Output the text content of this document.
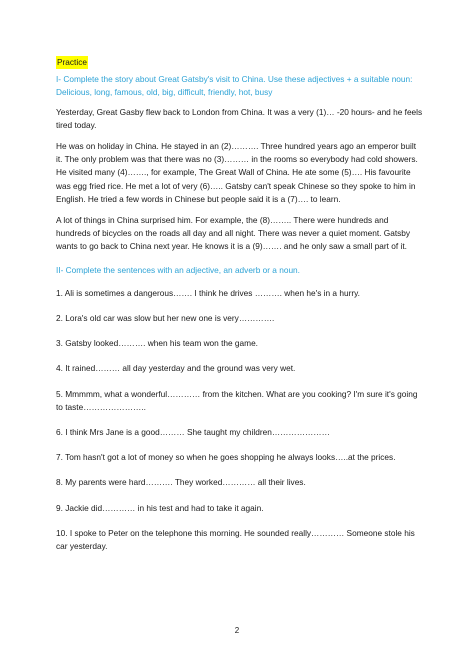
Practice
I- Complete the story about Great Gatsby's visit to China. Use these adjectives + a suitable noun: Delicious, long, famous, old, big, difficult, friendly, hot, busy

Yesterday, Great Gasby flew back to London from China. It was a very (1)… -20 hours- and he feels tired today.

He was on holiday in China. He stayed in an (2)………. Three hundred years ago an emperor built it. The only problem was that there was no (3)……… in the rooms so everybody had cold showers. He visited many (4)……., for example, The Great Wall of China. He ate some (5)…. His favourite was egg fried rice. He met a lot of very (6)….. Gatsby can't speak Chinese so they spoke to him in English. He tried a few words in Chinese but people said it is a (7)…. to learn.

A lot of things in China surprised him. For example, the (8)…….. There were hundreds and hundreds of bicycles on the roads all day and all night. There was never a quiet moment. Gatsby wants to go back to China next year. He knows it is a (9)……. and he only saw a small part of it.

II- Complete the sentences with an adjective, an adverb or a noun.

1. Ali is sometimes a dangerous……. I think he drives ………. when he's in a hurry.

2. Lora's old car was slow but her new one is very………….

3. Gatsby looked………. when his team won the game.

4. It rained……… all day yesterday and the ground was very wet.

5. Mmmmm, what a wonderful………… from the kitchen. What are you cooking? I'm sure it's going to taste…………………..

6. I think Mrs Jane is a good……… She taught my children…………………

7. Tom hasn't got a lot of money so when he goes shopping he always looks…..at the prices.

8. My parents were hard………. They worked………… all their lives.

9. Jackie did………… in his test and had to take it again.

10. I spoke to Peter on the telephone this morning. He sounded really………… Someone stole his car yesterday.

2
